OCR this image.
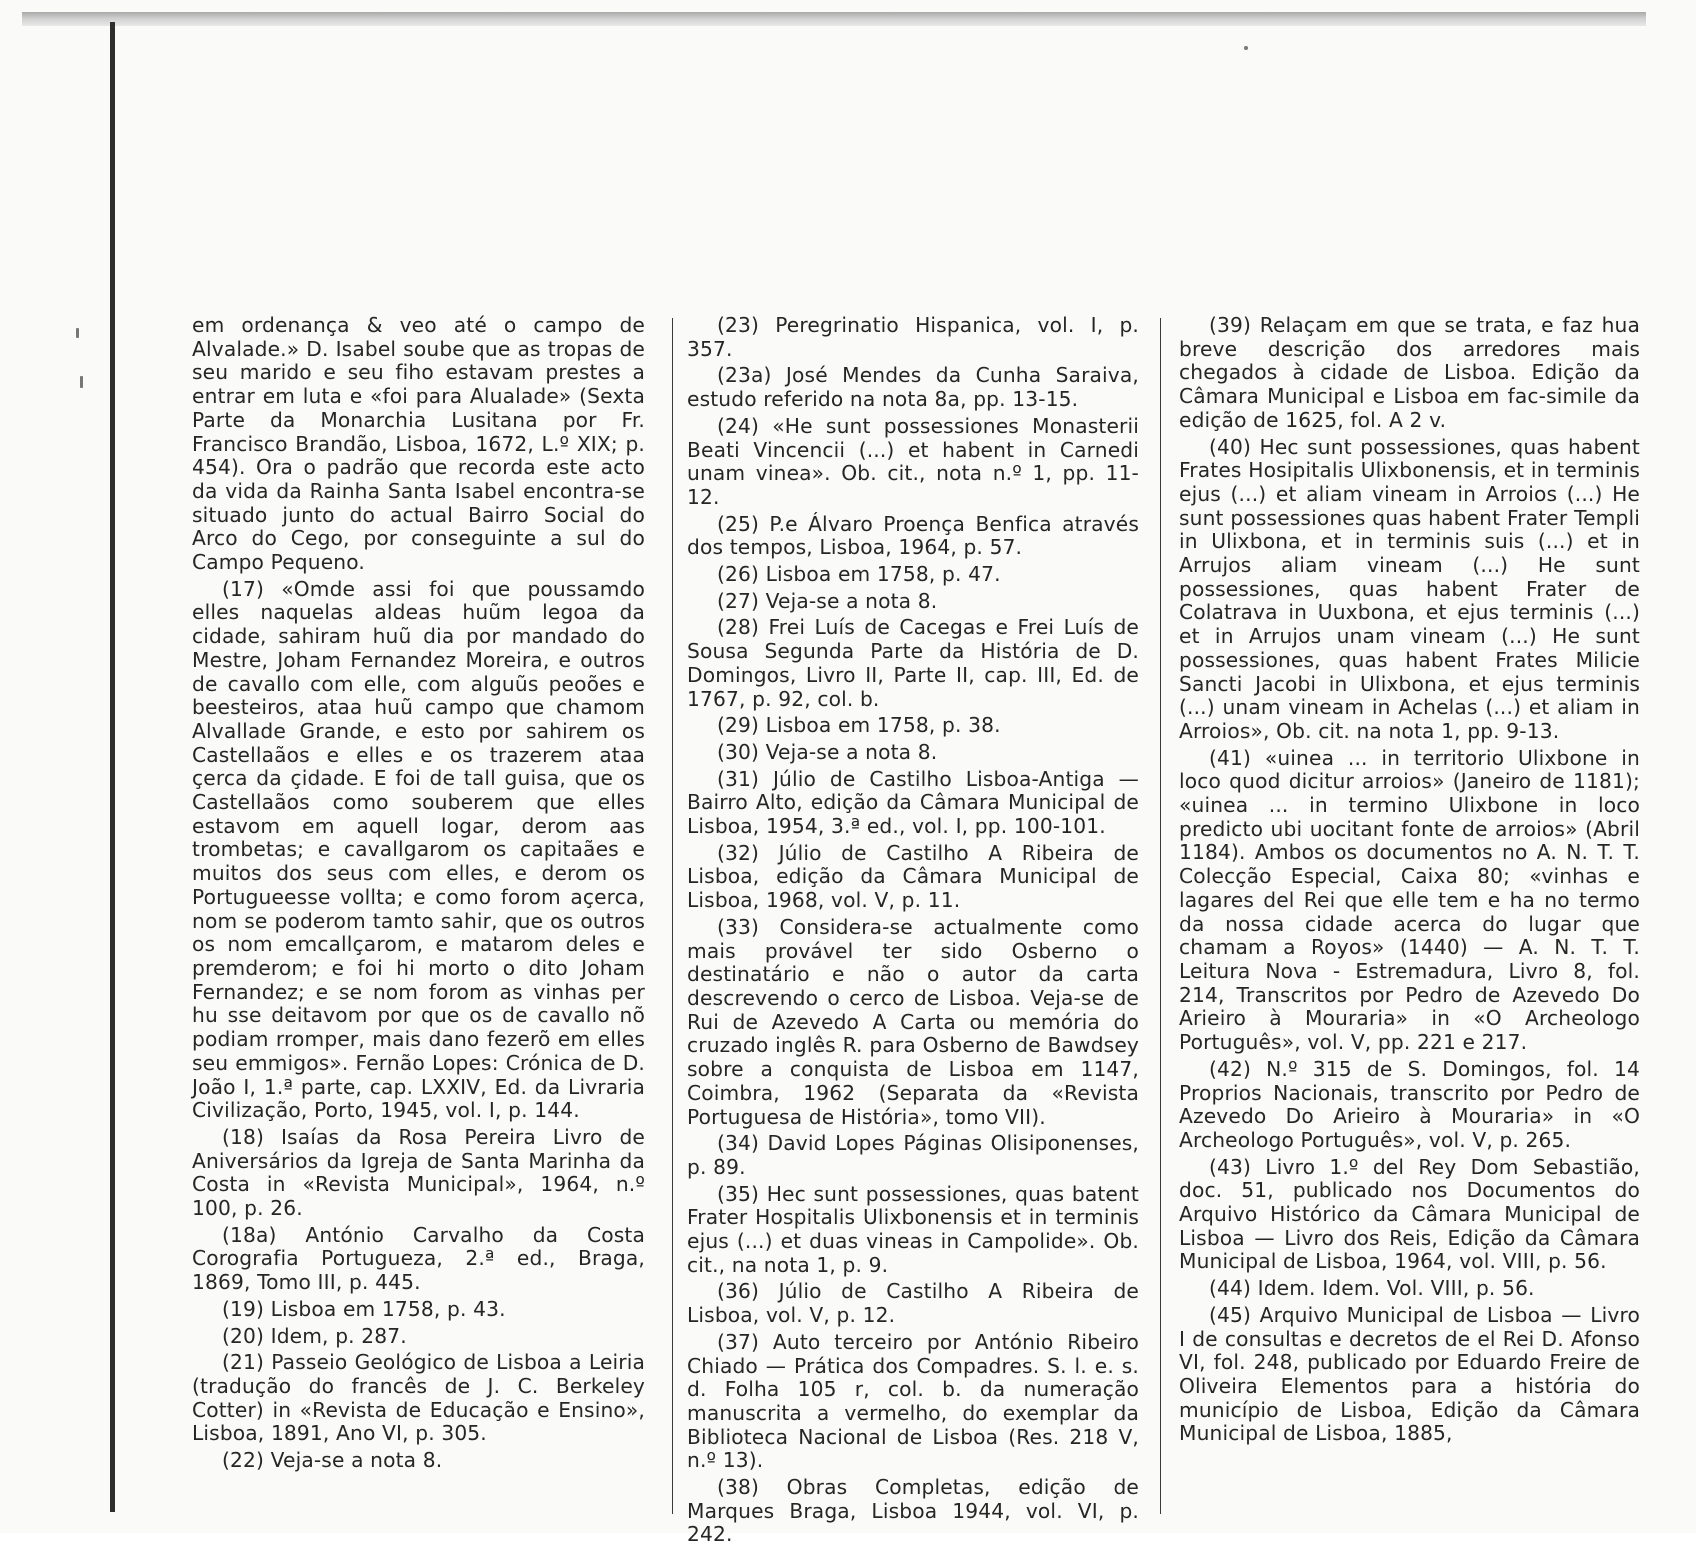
em ordenança & veo até o campo de Alvalade.» D. Isabel soube que as tropas de seu marido e seu fiho estavam prestes a entrar em luta e «foi para Alualade» (Sexta Parte da Monarchia Lusitana por Fr. Francisco Brandão, Lisboa, 1672, L.º XIX; p. 454). Ora o padrão que recorda este acto da vida da Rainha Santa Isabel encontra-se situado junto do actual Bairro Social do Arco do Cego, por conseguinte a sul do Campo Pequeno.

(17) «Omde assi foi que poussamdo elles naquelas aldeas huũm legoa da cidade, sahiram huũ dia por mandado do Mestre, Joham Fernandez Moreira, e outros de cavallo com elle, com alguũs peoões e beesteiros, ataa huũ campo que chamom Alvallade Grande, e esto por sahirem os Castellaãos e elles e os trazerem ataa çerca da çidade. E foi de tall guisa, que os Castellaãos como souberem que elles estavom em aquell logar, derom aas trombetas; e cavallgarom os capitaães e muitos dos seus com elles, e derom os Portugueesse vollta; e como forom açerca, nom se poderom tamto sahir, que os outros os nom emcallçarom, e matarom deles e premderom; e foi hi morto o dito Joham Fernandez; e se nom forom as vinhas per hu sse deitavom por que os de cavallo nõ podiam rromper, mais dano fezerõ em elles seu emmigos». Fernão Lopes: Crónica de D. João I, 1.ª parte, cap. LXXIV, Ed. da Livraria Civilização, Porto, 1945, vol. I, p. 144.

(18) Isaías da Rosa Pereira Livro de Aniversários da Igreja de Santa Marinha da Costa in «Revista Municipal», 1964, n.º 100, p. 26.

(18a) António Carvalho da Costa Corografia Portugueza, 2.ª ed., Braga, 1869, Tomo III, p. 445.

(19) Lisboa em 1758, p. 43.

(20) Idem, p. 287.

(21) Passeio Geológico de Lisboa a Leiria (tradução do francês de J. C. Berkeley Cotter) in «Revista de Educação e Ensino», Lisboa, 1891, Ano VI, p. 305.

(22) Veja-se a nota 8.

(23) Peregrinatio Hispanica, vol. I, p. 357.

(23a) José Mendes da Cunha Saraiva, estudo referido na nota 8a, pp. 13-15.

(24) «He sunt possessiones Monasterii Beati Vincencii (...) et habent in Carnedi unam vinea». Ob. cit., nota n.º 1, pp. 11-12.

(25) P.e Álvaro Proença Benfica através dos tempos, Lisboa, 1964, p. 57.

(26) Lisboa em 1758, p. 47.

(27) Veja-se a nota 8.

(28) Frei Luís de Cacegas e Frei Luís de Sousa Segunda Parte da História de D. Domingos, Livro II, Parte II, cap. III, Ed. de 1767, p. 92, col. b.

(29) Lisboa em 1758, p. 38.

(30) Veja-se a nota 8.

(31) Júlio de Castilho Lisboa-Antiga — Bairro Alto, edição da Câmara Municipal de Lisboa, 1954, 3.ª ed., vol. I, pp. 100-101.

(32) Júlio de Castilho A Ribeira de Lisboa, edição da Câmara Municipal de Lisboa, 1968, vol. V, p. 11.

(33) Considera-se actualmente como mais provável ter sido Osberno o destinatário e não o autor da carta descrevendo o cerco de Lisboa. Veja-se de Rui de Azevedo A Carta ou memória do cruzado inglês R. para Osberno de Bawdsey sobre a conquista de Lisboa em 1147, Coimbra, 1962 (Separata da «Revista Portuguesa de História», tomo VII).

(34) David Lopes Páginas Olisiponenses, p. 89.

(35) Hec sunt possessiones, quas batent Frater Hospitalis Ulixbonensis et in terminis ejus (...) et duas vineas in Campolide». Ob. cit., na nota 1, p. 9.

(36) Júlio de Castilho A Ribeira de Lisboa, vol. V, p. 12.

(37) Auto terceiro por António Ribeiro Chiado — Prática dos Compadres. S. l. e. s. d. Folha 105 r, col. b. da numeração manuscrita a vermelho, do exemplar da Biblioteca Nacional de Lisboa (Res. 218 V, n.º 13).

(38) Obras Completas, edição de Marques Braga, Lisboa 1944, vol. VI, p. 242.

(39) Relaçam em que se trata, e faz hua breve descrição dos arredores mais chegados à cidade de Lisboa. Edição da Câmara Municipal e Lisboa em fac-simile da edição de 1625, fol. A 2 v.

(40) Hec sunt possessiones, quas habent Frates Hosipitalis Ulixbonensis, et in terminis ejus (...) et aliam vineam in Arroios (...) He sunt possessiones quas habent Frater Templi in Ulixbona, et in terminis suis (...) et in Arrujos aliam vineam (...) He sunt possessiones, quas habent Frater de Colatrava in Uuxbona, et ejus terminis (...) et in Arrujos unam vineam (...) He sunt possessiones, quas habent Frates Milicie Sancti Jacobi in Ulixbona, et ejus terminis (...) unam vineam in Achelas (...) et aliam in Arroios», Ob. cit. na nota 1, pp. 9-13.

(41) «uinea ... in territorio Ulixbone in loco quod dicitur arroios» (Janeiro de 1181); «uinea ... in termino Ulixbone in loco predicto ubi uocitant fonte de arroios» (Abril 1184). Ambos os documentos no A. N. T. T. Colecção Especial, Caixa 80; «vinhas e lagares del Rei que elle tem e ha no termo da nossa cidade acerca do lugar que chamam a Royos» (1440) — A. N. T. T. Leitura Nova - Estremadura, Livro 8, fol. 214, Transcritos por Pedro de Azevedo Do Arieiro à Mouraria» in «O Archeologo Português», vol. V, pp. 221 e 217.

(42) N.º 315 de S. Domingos, fol. 14 Proprios Nacionais, transcrito por Pedro de Azevedo Do Arieiro à Mouraria» in «O Archeologo Português», vol. V, p. 265.

(43) Livro 1.º del Rey Dom Sebastião, doc. 51, publicado nos Documentos do Arquivo Histórico da Câmara Municipal de Lisboa — Livro dos Reis, Edição da Câmara Municipal de Lisboa, 1964, vol. VIII, p. 56.

(44) Idem. Idem. Vol. VIII, p. 56.

(45) Arquivo Municipal de Lisboa — Livro I de consultas e decretos de el Rei D. Afonso VI, fol. 248, publicado por Eduardo Freire de Oliveira Elementos para a história do município de Lisboa, Edição da Câmara Municipal de Lisboa, 1885,
